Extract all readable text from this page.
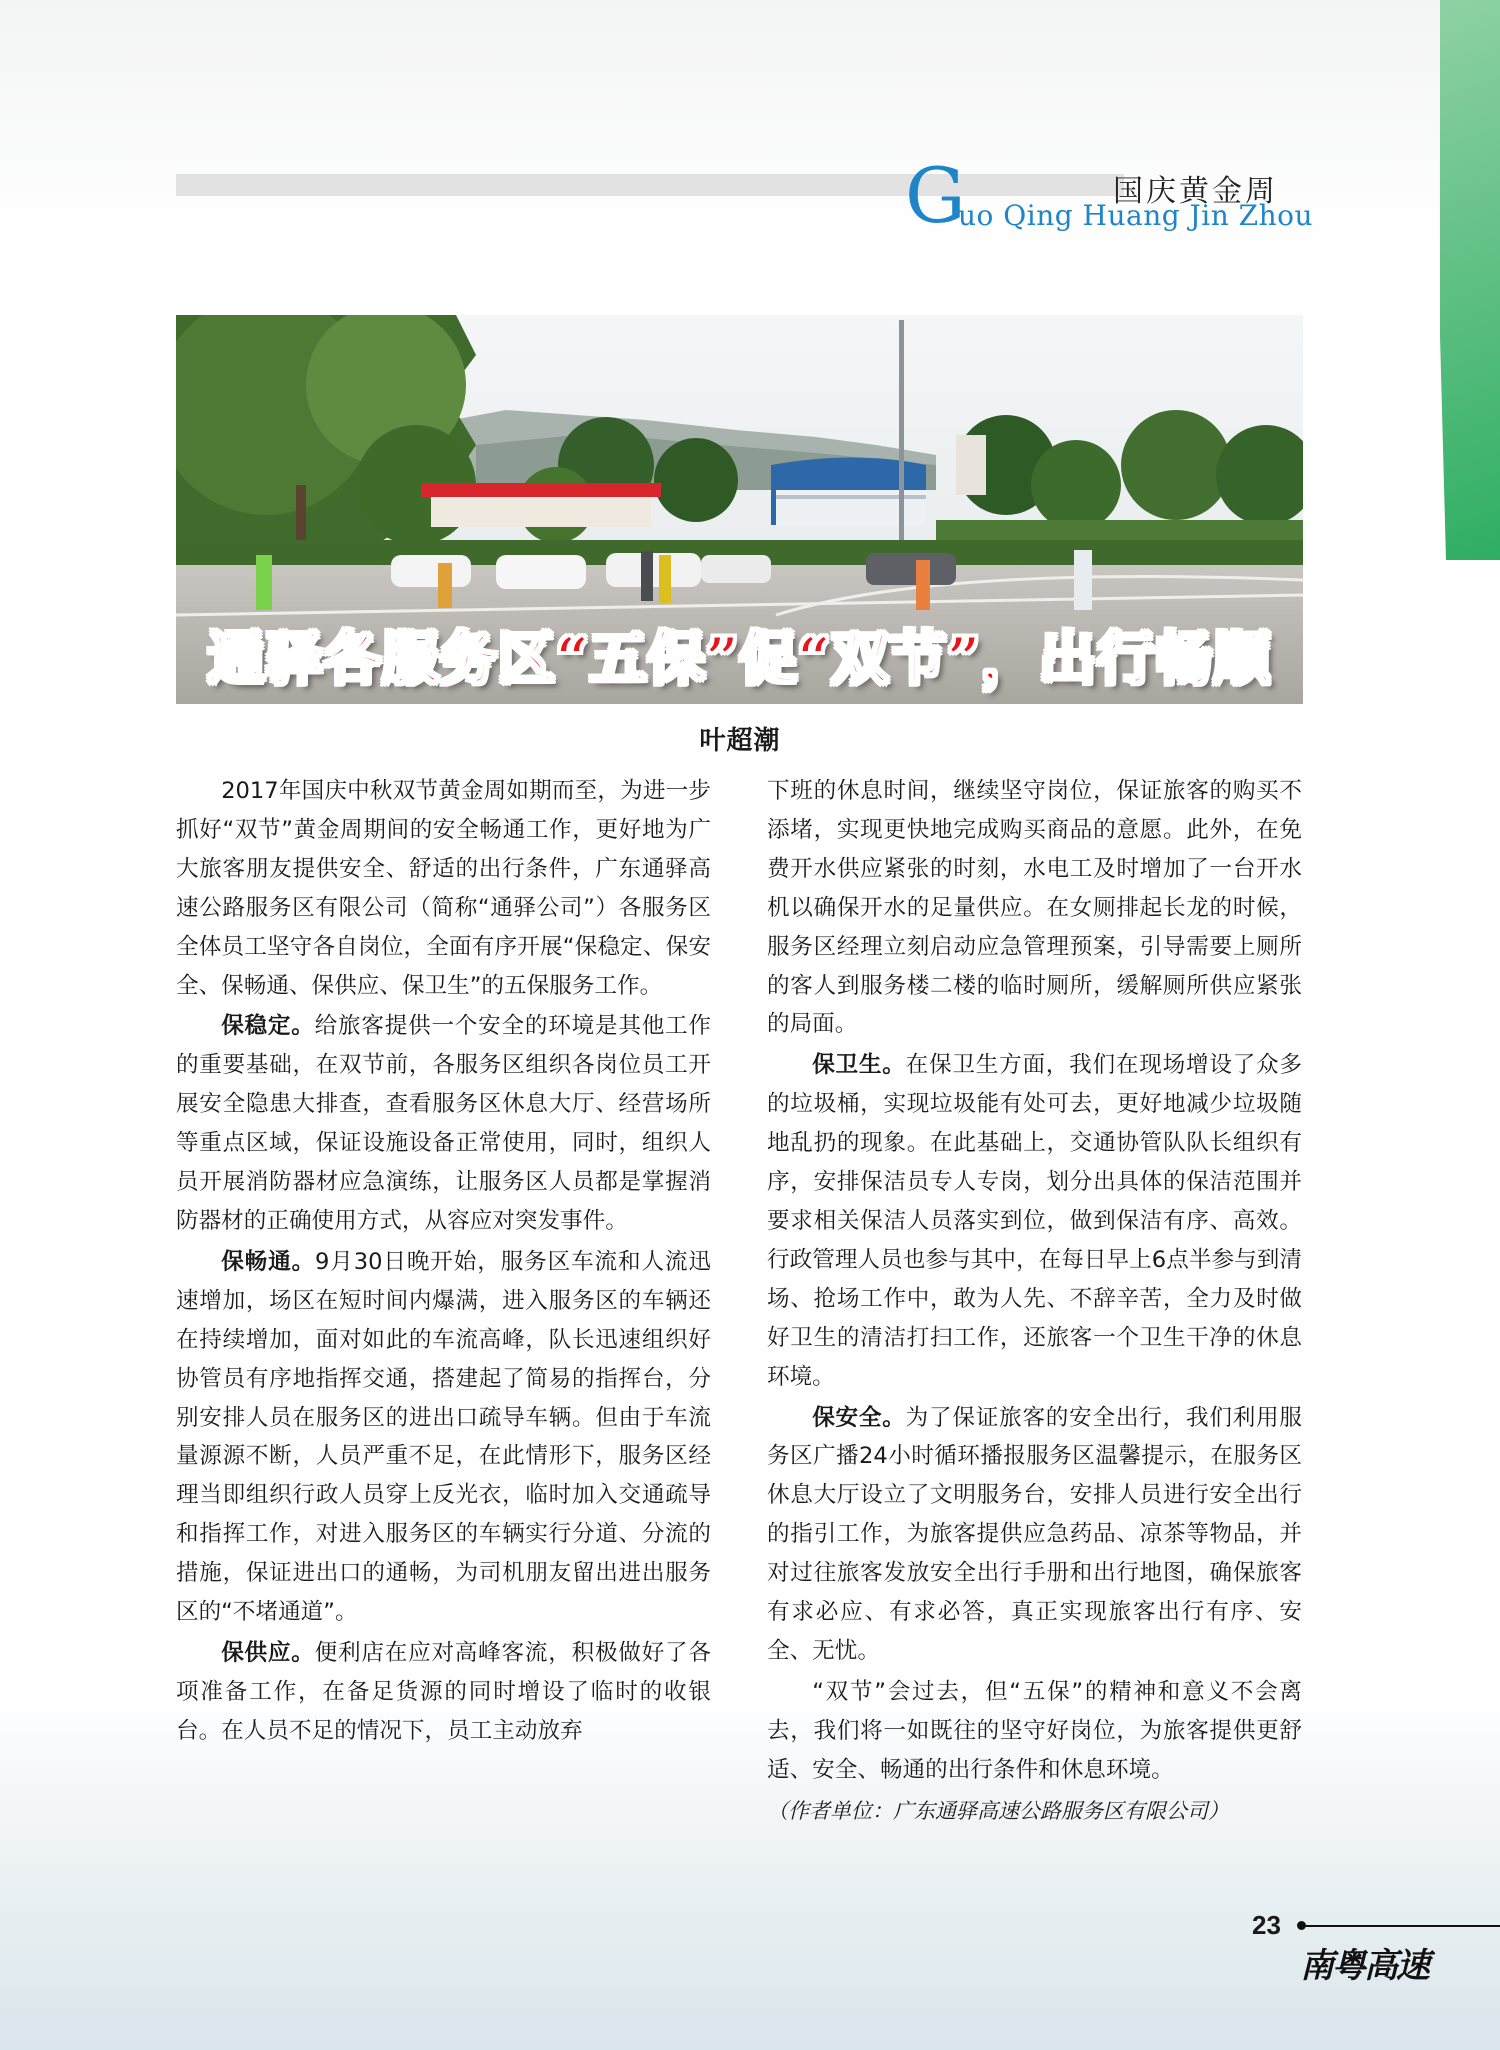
G	国庆黄金周
uo Qing Huang Jin Zhou
通驿各服务区“五保”促“双节”，出行畅顺
叶超潮

2017年国庆中秋双节黄金周如期而至，为进一步抓好“双节”黄金周期间的安全畅通工作，更好地为广大旅客朋友提供安全、舒适的出行条件，广东通驿高速公路服务区有限公司（简称“通驿公司”）各服务区全体员工坚守各自岗位，全面有序开展“保稳定、保安全、保畅通、保供应、保卫生”的五保服务工作。

保稳定。给旅客提供一个安全的环境是其他工作的重要基础，在双节前，各服务区组织各岗位员工开展安全隐患大排查，查看服务区休息大厅、经营场所等重点区域，保证设施设备正常使用，同时，组织人员开展消防器材应急演练，让服务区人员都是掌握消防器材的正确使用方式，从容应对突发事件。

保畅通。9月30日晚开始，服务区车流和人流迅速增加，场区在短时间内爆满，进入服务区的车辆还在持续增加，面对如此的车流高峰，队长迅速组织好协管员有序地指挥交通，搭建起了简易的指挥台，分别安排人员在服务区的进出口疏导车辆。但由于车流量源源不断，人员严重不足，在此情形下，服务区经理当即组织行政人员穿上反光衣，临时加入交通疏导和指挥工作，对进入服务区的车辆实行分道、分流的措施，保证进出口的通畅，为司机朋友留出进出服务区的“不堵通道”。

保供应。便利店在应对高峰客流，积极做好了各项准备工作，在备足货源的同时增设了临时的收银台。在人员不足的情况下，员工主动放弃

下班的休息时间，继续坚守岗位，保证旅客的购买不添堵，实现更快地完成购买商品的意愿。此外，在免费开水供应紧张的时刻，水电工及时增加了一台开水机以确保开水的足量供应。在女厕排起长龙的时候，服务区经理立刻启动应急管理预案，引导需要上厕所的客人到服务楼二楼的临时厕所，缓解厕所供应紧张的局面。

保卫生。在保卫生方面，我们在现场增设了众多的垃圾桶，实现垃圾能有处可去，更好地减少垃圾随地乱扔的现象。在此基础上，交通协管队队长组织有序，安排保洁员专人专岗，划分出具体的保洁范围并要求相关保洁人员落实到位，做到保洁有序、高效。行政管理人员也参与其中，在每日早上6点半参与到清场、抢场工作中，敢为人先、不辞辛苦，全力及时做好卫生的清洁打扫工作，还旅客一个卫生干净的休息环境。

保安全。为了保证旅客的安全出行，我们利用服务区广播24小时循环播报服务区温馨提示，在服务区休息大厅设立了文明服务台，安排人员进行安全出行的指引工作，为旅客提供应急药品、凉茶等物品，并对过往旅客发放安全出行手册和出行地图，确保旅客有求必应、有求必答，真正实现旅客出行有序、安全、无忧。

“双节”会过去，但“五保”的精神和意义不会离去，我们将一如既往的坚守好岗位，为旅客提供更舒适、安全、畅通的出行条件和休息环境。

（作者单位：广东通驿高速公路服务区有限公司）

23
南粤高速
